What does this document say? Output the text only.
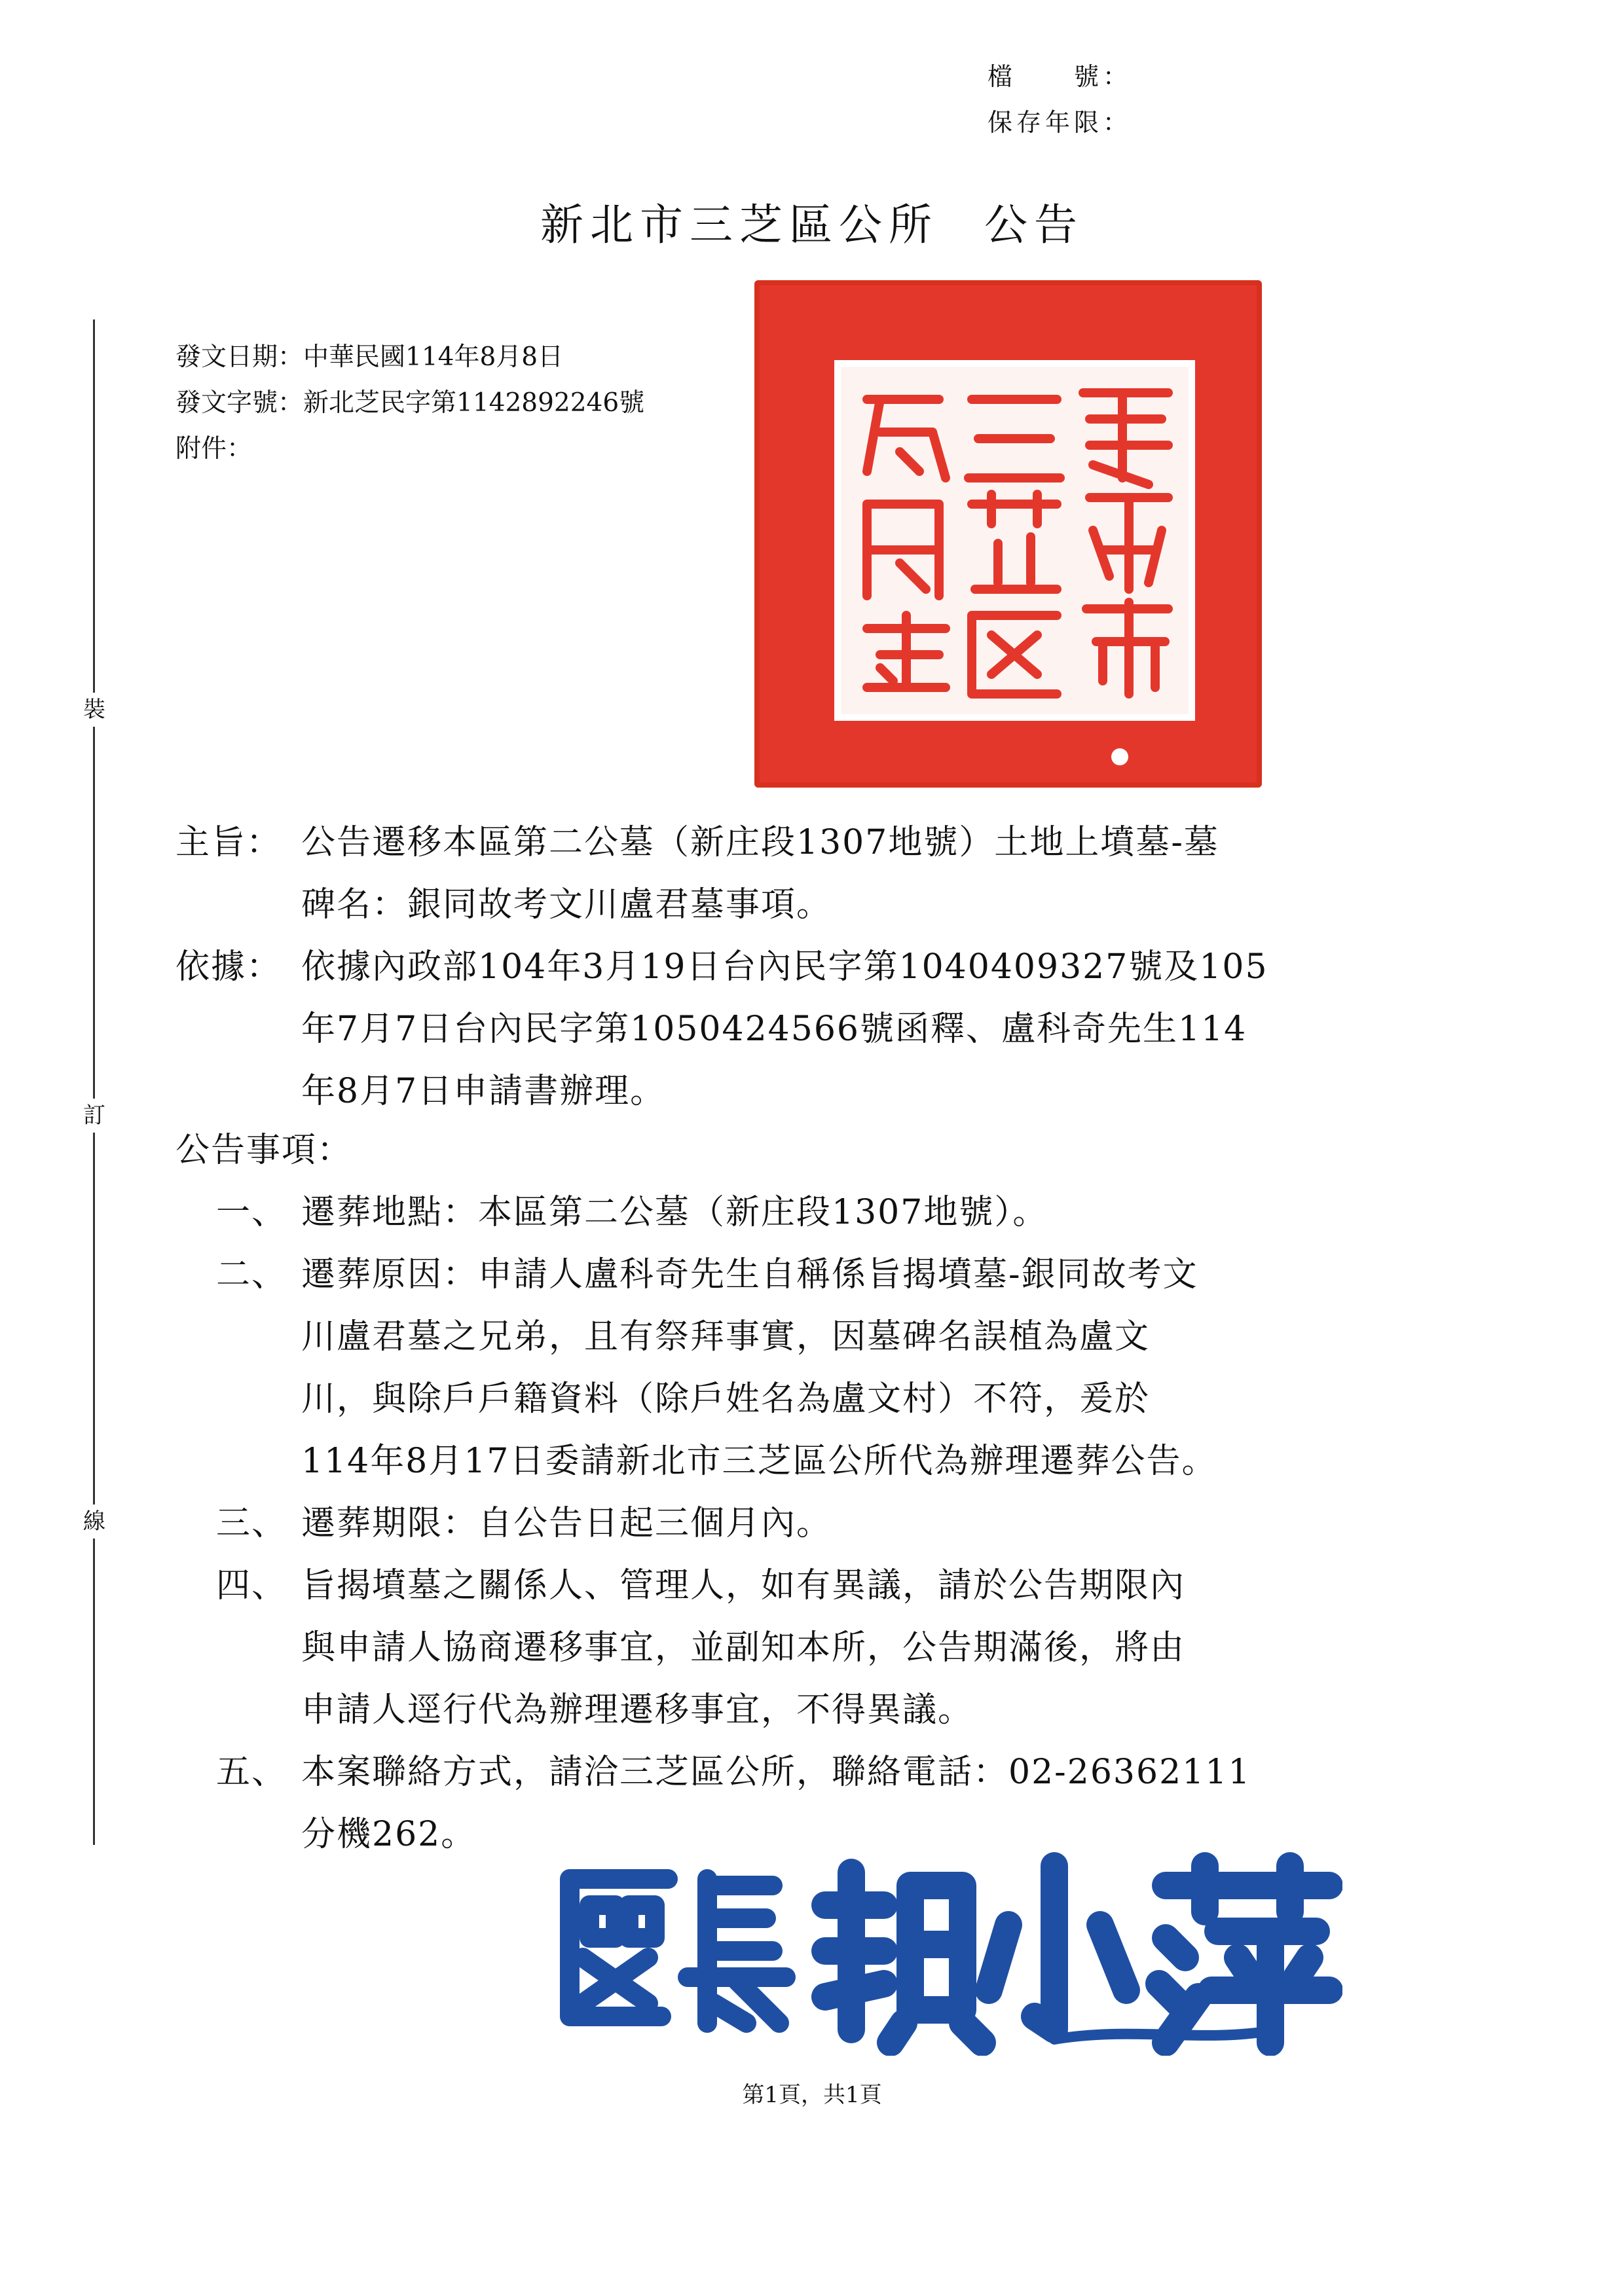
檔　　號：
保存年限：
新北市三芝區公所 公告
裝
訂
線
發文日期：中華民國114年8月8日
發文字號：新北芝民字第1142892246號
附件：
主旨： 公告遷移本區第二公墓（新庄段1307地號）土地上墳墓-墓
碑名：銀同故考文川盧君墓事項。
依據： 依據內政部104年3月19日台內民字第1040409327號及105
年7月7日台內民字第1050424566號函釋、盧科奇先生114
年8月7日申請書辦理。
公告事項：
一、 遷葬地點：本區第二公墓（新庄段1307地號）。
二、 遷葬原因：申請人盧科奇先生自稱係旨揭墳墓-銀同故考文
川盧君墓之兄弟，且有祭拜事實，因墓碑名誤植為盧文
川，與除戶戶籍資料（除戶姓名為盧文村）不符，爰於
114年8月17日委請新北市三芝區公所代為辦理遷葬公告。
三、 遷葬期限：自公告日起三個月內。
四、 旨揭墳墓之關係人、管理人，如有異議，請於公告期限內
與申請人協商遷移事宜，並副知本所，公告期滿後，將由
申請人逕行代為辦理遷移事宜，不得異議。
五、 本案聯絡方式，請洽三芝區公所，聯絡電話：02-26362111
分機262。
第1頁，共1頁
